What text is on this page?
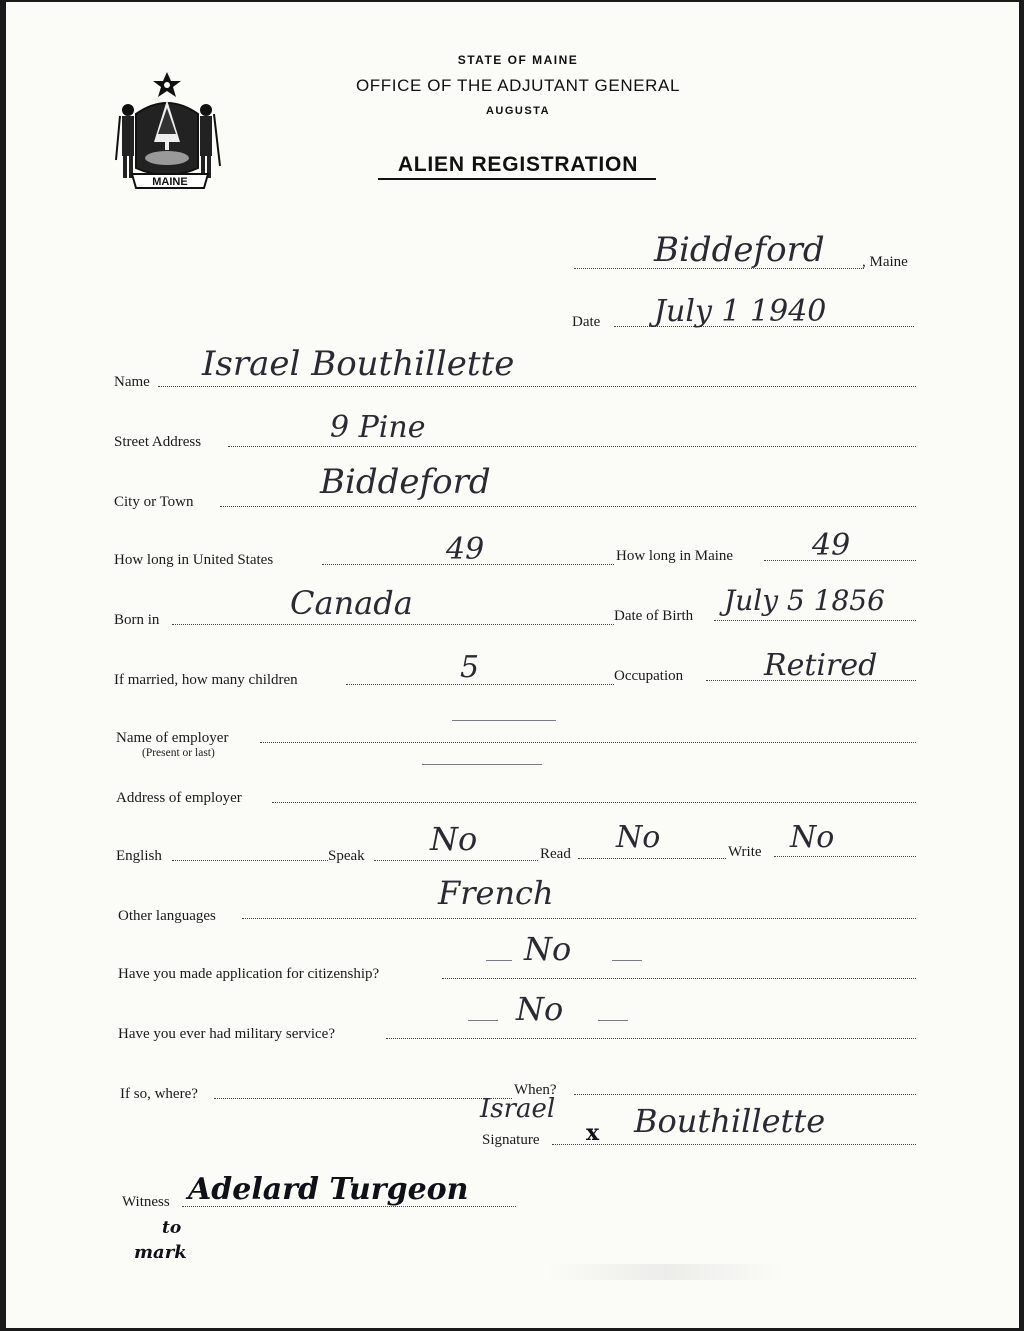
MAINE
STATE OF MAINE
OFFICE OF THE ADJUTANT GENERAL
AUGUSTA
ALIEN REGISTRATION
Biddeford , Maine
Date July 1 1940
Name Israel Bouthillette
Street Address	9 Pine
City or Town	Biddeford
How long in United States	49	How long in Maine	49
Born in	Canada	Date of Birth July 5 1856
If married, how many children	5	Occupation	Retired
Name of employer
(Present or last)
Address of employer
English	Speak No	Read No	Write No
Other languages
French
Have you made application for citizenship?
No
Have you ever had military service?
No
If so, where?	When?
Israel
Signature x Bouthillette
Witness Adelard Turgeon
to
mark
